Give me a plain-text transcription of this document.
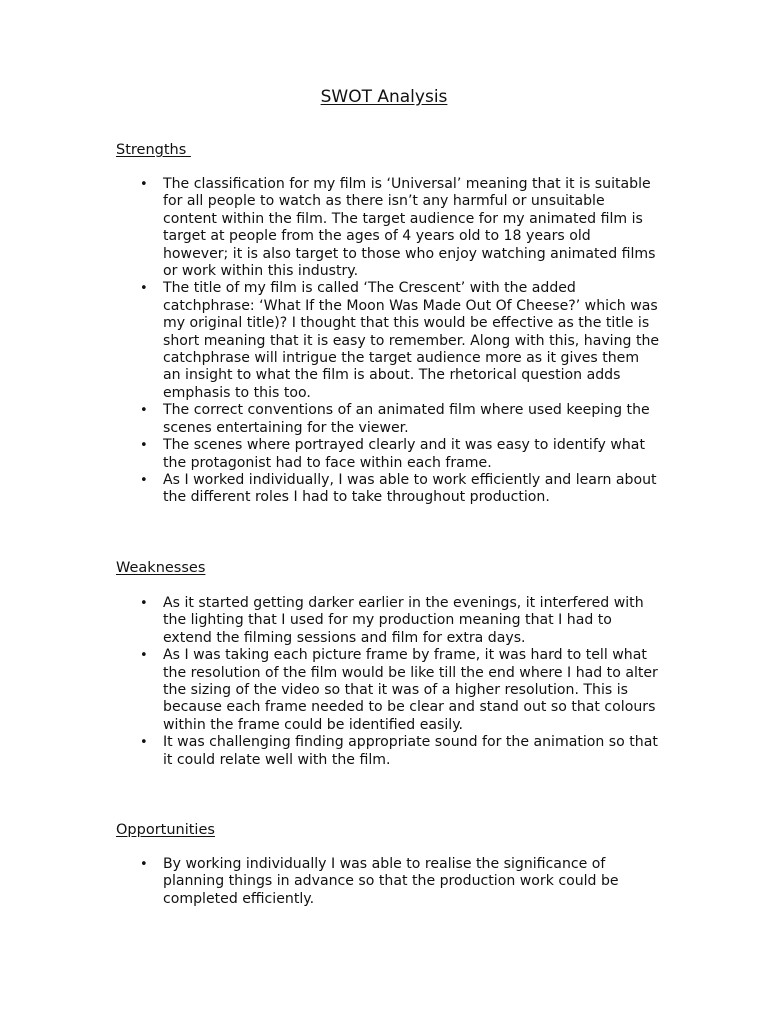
SWOT Analysis
Strengths
• The classification for my film is ‘Universal’ meaning that it is suitable for all people to watch as there isn’t any harmful or unsuitable content within the film. The target audience for my animated film is target at people from the ages of 4 years old to 18 years old however; it is also target to those who enjoy watching animated films or work within this industry.
• The title of my film is called ‘The Crescent’ with the added catchphrase: ‘What If the Moon Was Made Out Of Cheese?’ which was my original title)? I thought that this would be effective as the title is short meaning that it is easy to remember. Along with this, having the catchphrase will intrigue the target audience more as it gives them an insight to what the film is about. The rhetorical question adds emphasis to this too.
• The correct conventions of an animated film where used keeping the scenes entertaining for the viewer.
• The scenes where portrayed clearly and it was easy to identify what the protagonist had to face within each frame.
• As I worked individually, I was able to work efficiently and learn about the different roles I had to take throughout production.
Weaknesses
• As it started getting darker earlier in the evenings, it interfered with the lighting that I used for my production meaning that I had to extend the filming sessions and film for extra days.
• As I was taking each picture frame by frame, it was hard to tell what the resolution of the film would be like till the end where I had to alter the sizing of the video so that it was of a higher resolution. This is because each frame needed to be clear and stand out so that colours within the frame could be identified easily.
• It was challenging finding appropriate sound for the animation so that it could relate well with the film.
Opportunities
• By working individually I was able to realise the significance of planning things in advance so that the production work could be completed efficiently.
